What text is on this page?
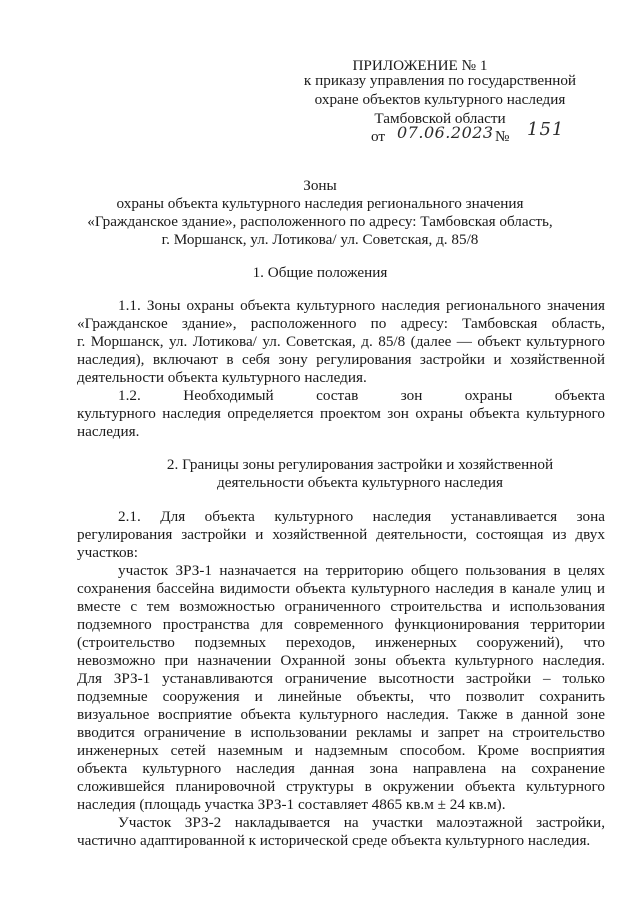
ПРИЛОЖЕНИЕ № 1
к приказу управления по государственной
охране объектов культурного наследия
Тамбовской области
от 07.06.2023 № 151
Зоны
охраны объекта культурного наследия регионального значения
«Гражданское здание», расположенного по адресу: Тамбовская область,
г. Моршанск, ул. Лотикова/ ул. Советская, д. 85/8
1. Общие положения
1.1. Зоны охраны объекта культурного наследия регионального значения
«Гражданское здание», расположенного по адресу: Тамбовская область,
г. Моршанск, ул. Лотикова/ ул. Советская, д. 85/8 (далее — объект культурного
наследия), включают в себя зону регулирования застройки и хозяйственной
деятельности объекта культурного наследия.
1.2. Необходимый состав зон охраны объекта
культурного наследия определяется проектом зон охраны объекта культурного
наследия.
2. Границы зоны регулирования застройки и хозяйственной
деятельности объекта культурного наследия
2.1. Для объекта культурного наследия устанавливается зона
регулирования застройки и хозяйственной деятельности, состоящая из двух
участков:
участок ЗРЗ-1 назначается на территорию общего пользования в целях
сохранения бассейна видимости объекта культурного наследия в канале улиц и
вместе с тем возможностью ограниченного строительства и использования
подземного пространства для современного функционирования территории
(строительство подземных переходов, инженерных сооружений), что
невозможно при назначении Охранной зоны объекта культурного наследия.
Для ЗРЗ-1 устанавливаются ограничение высотности застройки – только
подземные сооружения и линейные объекты, что позволит сохранить
визуальное восприятие объекта культурного наследия. Также в данной зоне
вводится ограничение в использовании рекламы и запрет на строительство
инженерных сетей наземным и надземным способом. Кроме восприятия
объекта культурного наследия данная зона направлена на сохранение
сложившейся планировочной структуры в окружении объекта культурного
наследия (площадь участка ЗРЗ-1 составляет 4865 кв.м ± 24 кв.м).
Участок ЗРЗ-2 накладывается на участки малоэтажной застройки,
частично адаптированной к исторической среде объекта культурного наследия.
